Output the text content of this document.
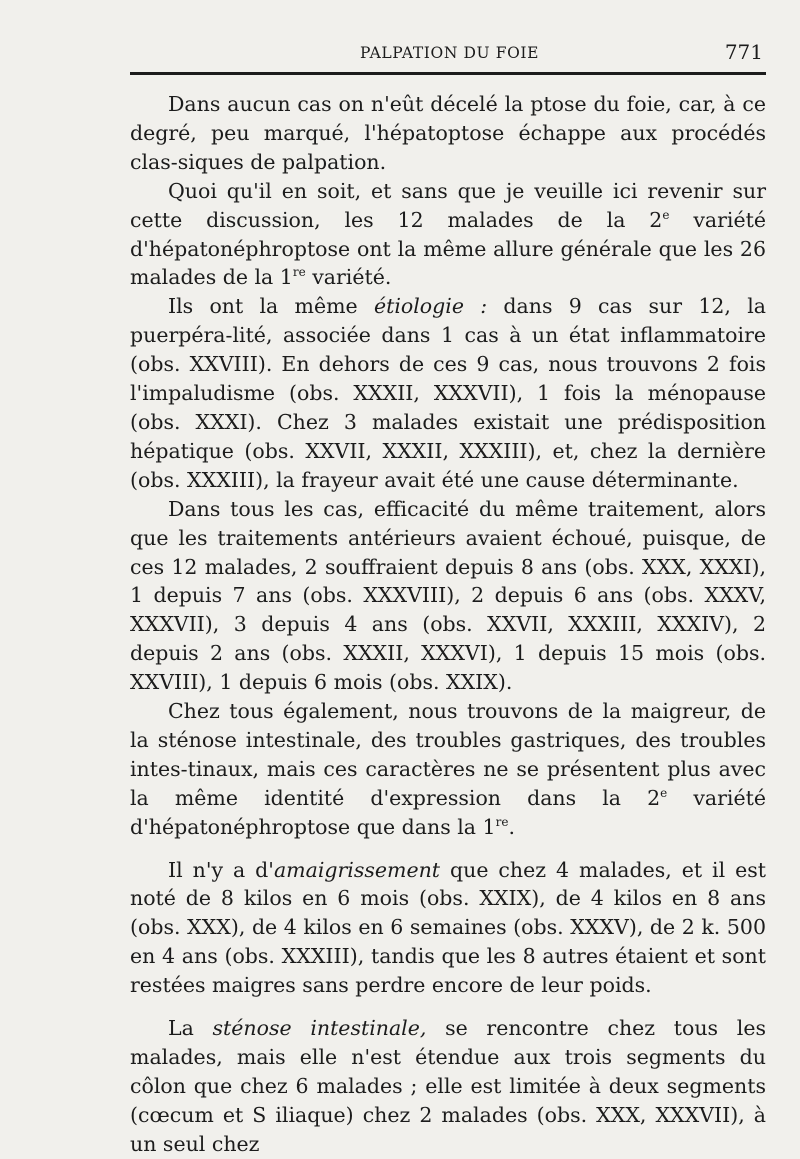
PALPATION DU FOIE	771

Dans aucun cas on n'eût décelé la ptose du foie, car, à ce degré, peu marqué, l'hépatoptose échappe aux procédés clas-siques de palpation.

Quoi qu'il en soit, et sans que je veuille ici revenir sur cette discussion, les 12 malades de la 2e variété d'hépatonéphroptose ont la même allure générale que les 26 malades de la 1re variété.

Ils ont la même étiologie : dans 9 cas sur 12, la puerpéra-lité, associée dans 1 cas à un état inflammatoire (obs. XXVIII). En dehors de ces 9 cas, nous trouvons 2 fois l'impaludisme (obs. XXXII, XXXVII), 1 fois la ménopause (obs. XXXI). Chez 3 malades existait une prédisposition hépatique (obs. XXVII, XXXII, XXXIII), et, chez la dernière (obs. XXXIII), la frayeur avait été une cause déterminante.

Dans tous les cas, efficacité du même traitement, alors que les traitements antérieurs avaient échoué, puisque, de ces 12 malades, 2 souffraient depuis 8 ans (obs. XXX, XXXI), 1 depuis 7 ans (obs. XXXVIII), 2 depuis 6 ans (obs. XXXV, XXXVII), 3 depuis 4 ans (obs. XXVII, XXXIII, XXXIV), 2 depuis 2 ans (obs. XXXII, XXXVI), 1 depuis 15 mois (obs. XXVIII), 1 depuis 6 mois (obs. XXIX).

Chez tous également, nous trouvons de la maigreur, de la sténose intestinale, des troubles gastriques, des troubles intes-tinaux, mais ces caractères ne se présentent plus avec la même identité d'expression dans la 2e variété d'hépatonéphroptose que dans la 1re.

Il n'y a d'amaigrissement que chez 4 malades, et il est noté de 8 kilos en 6 mois (obs. XXIX), de 4 kilos en 8 ans (obs. XXX), de 4 kilos en 6 semaines (obs. XXXV), de 2 k. 500 en 4 ans (obs. XXXIII), tandis que les 8 autres étaient et sont restées maigres sans perdre encore de leur poids.

La sténose intestinale, se rencontre chez tous les malades, mais elle n'est étendue aux trois segments du côlon que chez 6 malades ; elle est limitée à deux segments (cœcum et S iliaque) chez 2 malades (obs. XXX, XXXVII), à un seul chez
